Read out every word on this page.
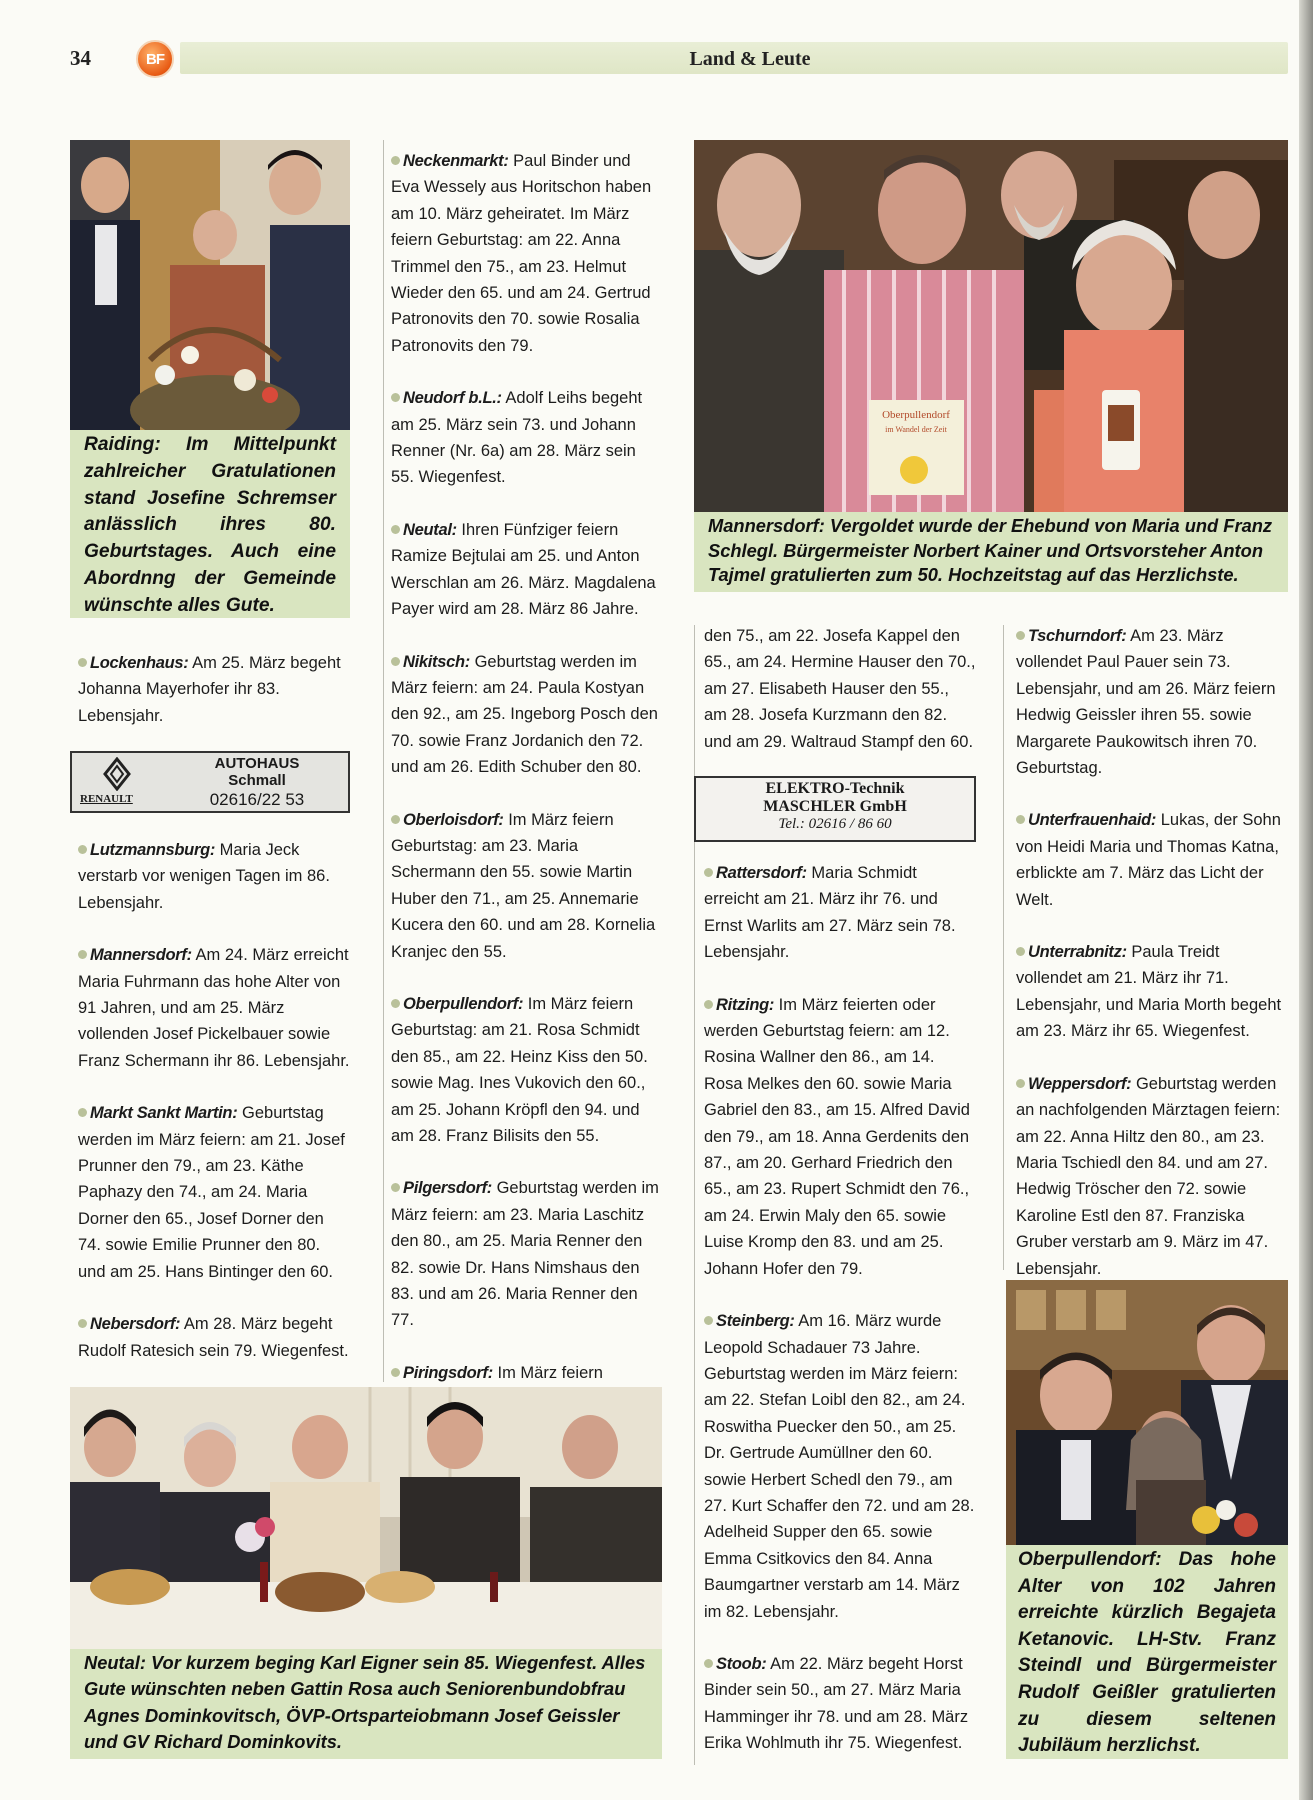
34	BF	Land & Leute
Raiding: Im Mittelpunkt zahlreicher Gratulationen stand Josefine Schremser anlässlich ihres 80. Geburtstages. Auch eine Abordnng der Gemeinde wünschte alles Gute.
Oberpullendorf
im Wandel der Zeit
Mannersdorf: Vergoldet wurde der Ehebund von Maria und Franz Schlegl. Bürgermeister Norbert Kainer und Ortsvorsteher Anton Tajmel gratulierten zum 50. Hochzeitstag auf das Herzlichste.
Lockenhaus: Am 25. März begeht Johanna Mayerhofer ihr 83. Lebensjahr.
RENAULT
AUTOHAUS
Schmall
02616/22 53
Lutzmannsburg: Maria Jeck verstarb vor wenigen Tagen im 86. Lebensjahr.
Mannersdorf: Am 24. März erreicht Maria Fuhrmann das hohe Alter von 91 Jahren, und am 25. März vollenden Josef Pickelbauer sowie Franz Schermann ihr 86. Lebensjahr.
Markt Sankt Martin: Geburtstag werden im März feiern: am 21. Josef Prunner den 79., am 23. Käthe Paphazy den 74., am 24. Maria Dorner den 65., Josef Dorner den 74. sowie Emilie Prunner den 80. und am 25. Hans Bintinger den 60.
Nebersdorf: Am 28. März begeht Rudolf Ratesich sein 79. Wiegenfest.
Neckenmarkt: Paul Binder und Eva Wessely aus Horitschon haben am 10. März geheiratet. Im März feiern Geburtstag: am 22. Anna Trimmel den 75., am 23. Helmut Wieder den 65. und am 24. Gertrud Patronovits den 70. sowie Rosalia Patronovits den 79.
Neudorf b.L.: Adolf Leihs begeht am 25. März sein 73. und Johann Renner (Nr. 6a) am 28. März sein 55. Wiegenfest.
Neutal: Ihren Fünfziger feiern Ramize Bejtulai am 25. und Anton Werschlan am 26. März. Magdalena Payer wird am 28. März 86 Jahre.
Nikitsch: Geburtstag werden im März feiern: am 24. Paula Kostyan den 92., am 25. Ingeborg Posch den 70. sowie Franz Jordanich den 72. und am 26. Edith Schuber den 80.
Oberloisdorf: Im März feiern Geburtstag: am 23. Maria Schermann den 55. sowie Martin Huber den 71., am 25. Annemarie Kucera den 60. und am 28. Kornelia Kranjec den 55.
Oberpullendorf: Im März feiern Geburtstag: am 21. Rosa Schmidt den 85., am 22. Heinz Kiss den 50. sowie Mag. Ines Vukovich den 60., am 25. Johann Kröpfl den 94. und am 28. Franz Bilisits den 55.
Pilgersdorf: Geburtstag werden im März feiern: am 23. Maria Laschitz den 80., am 25. Maria Renner den 82. sowie Dr. Hans Nimshaus den 83. und am 26. Maria Renner den 77.
Piringsdorf: Im März feiern
Neutal: Vor kurzem beging Karl Eigner sein 85. Wiegenfest. Alles Gute wünschten neben Gattin Rosa auch Seniorenbundobfrau Agnes Dominkovitsch, ÖVP-Ortsparteiobmann Josef Geissler und GV Richard Dominkovits.
den 75., am 22. Josefa Kappel den 65., am 24. Hermine Hauser den 70., am 27. Elisabeth Hauser den 55., am 28. Josefa Kurzmann den 82. und am 29. Waltraud Stampf den 60.
ELEKTRO-Technik
MASCHLER GmbH
Tel.: 02616 / 86 60
Rattersdorf: Maria Schmidt erreicht am 21. März ihr 76. und Ernst Warlits am 27. März sein 78. Lebensjahr.
Ritzing: Im März feierten oder werden Geburtstag feiern: am 12. Rosina Wallner den 86., am 14. Rosa Melkes den 60. sowie Maria Gabriel den 83., am 15. Alfred David den 79., am 18. Anna Gerdenits den 87., am 20. Gerhard Friedrich den 65., am 23. Rupert Schmidt den 76., am 24. Erwin Maly den 65. sowie Luise Kromp den 83. und am 25. Johann Hofer den 79.
Steinberg: Am 16. März wurde Leopold Schadauer 73 Jahre. Geburtstag werden im März feiern: am 22. Stefan Loibl den 82., am 24. Roswitha Puecker den 50., am 25. Dr. Gertrude Aumüllner den 60. sowie Herbert Schedl den 79., am 27. Kurt Schaffer den 72. und am 28. Adelheid Supper den 65. sowie Emma Csitkovics den 84. Anna Baumgartner verstarb am 14. März im 82. Lebensjahr.
Stoob: Am 22. März begeht Horst Binder sein 50., am 27. März Maria Hamminger ihr 78. und am 28. März Erika Wohlmuth ihr 75. Wiegenfest.
Tschurndorf: Am 23. März vollendet Paul Pauer sein 73. Lebensjahr, und am 26. März feiern Hedwig Geissler ihren 55. sowie Margarete Paukowitsch ihren 70. Geburtstag.
Unterfrauenhaid: Lukas, der Sohn von Heidi Maria und Thomas Katna, erblickte am 7. März das Licht der Welt.
Unterrabnitz: Paula Treidt vollendet am 21. März ihr 71. Lebensjahr, und Maria Morth begeht am 23. März ihr 65. Wiegenfest.
Weppersdorf: Geburtstag werden an nachfolgenden Märztagen feiern: am 22. Anna Hiltz den 80., am 23. Maria Tschiedl den 84. und am 27. Hedwig Tröscher den 72. sowie Karoline Estl den 87. Franziska Gruber verstarb am 9. März im 47. Lebensjahr.
Oberpullendorf: Das hohe Alter von 102 Jahren erreichte kürzlich Begajeta Ketanovic. LH-Stv. Franz Steindl und Bürgermeister Rudolf Geißler gratulierten zu diesem seltenen Jubiläum herzlichst.
